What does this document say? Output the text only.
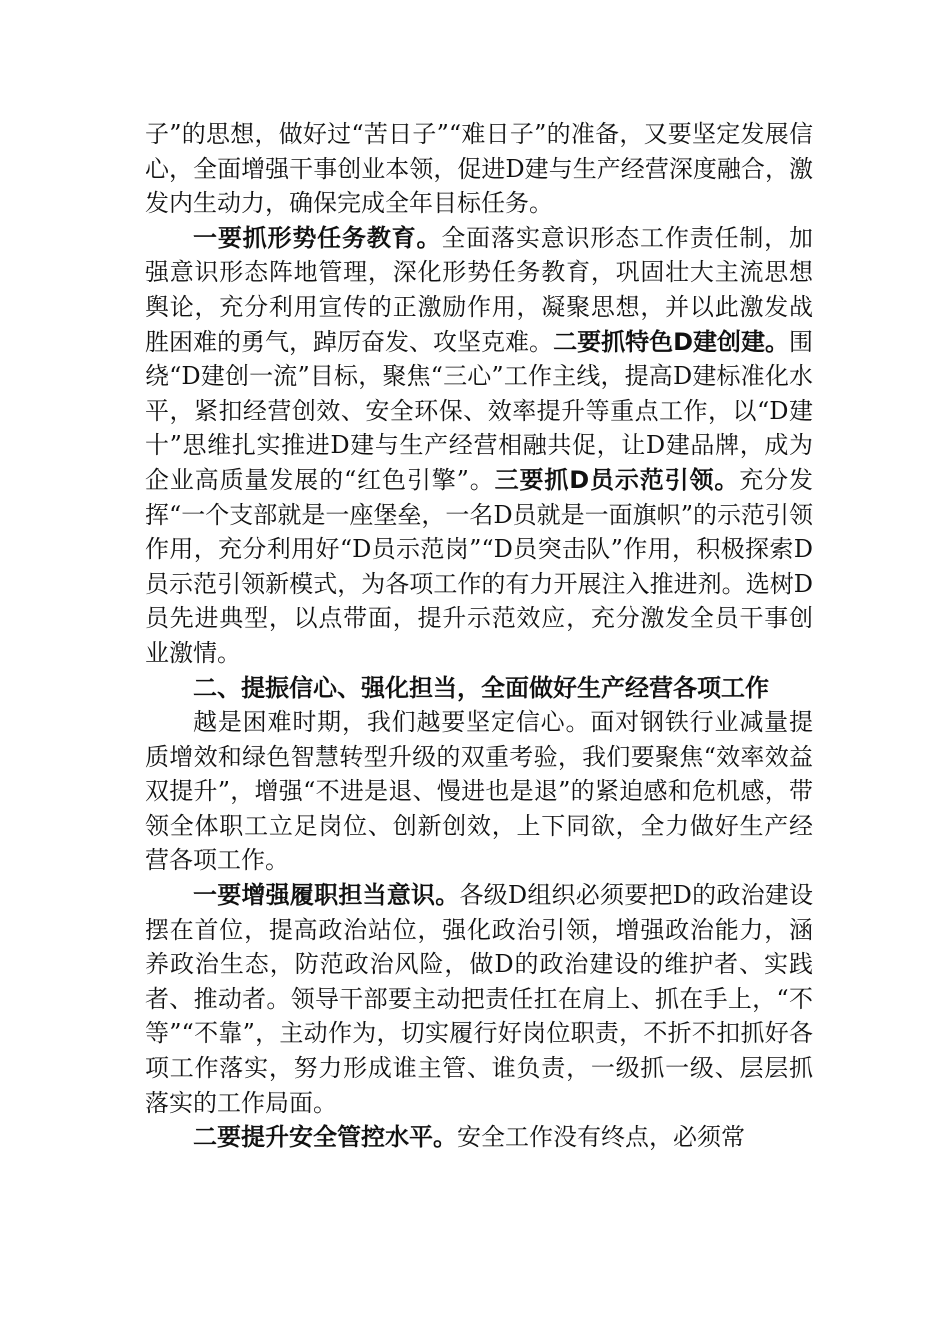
子”的思想，做好过“苦日子”“难日子”的准备，又要坚定发展信心，全面增强干事创业本领，促进D建与生产经营深度融合，激发内生动力，确保完成全年目标任务。

一要抓形势任务教育。全面落实意识形态工作责任制，加强意识形态阵地管理，深化形势任务教育，巩固壮大主流思想舆论，充分利用宣传的正激励作用，凝聚思想，并以此激发战胜困难的勇气，踔厉奋发、攻坚克难。二要抓特色D建创建。围绕“D建创一流”目标，聚焦“三心”工作主线，提高D建标准化水平，紧扣经营创效、安全环保、效率提升等重点工作，以“D建十”思维扎实推进D建与生产经营相融共促，让D建品牌，成为企业高质量发展的“红色引擎”。三要抓D员示范引领。充分发挥“一个支部就是一座堡垒，一名D员就是一面旗帜”的示范引领作用，充分利用好“D员示范岗”“D员突击队”作用，积极探索D员示范引领新模式，为各项工作的有力开展注入推进剂。选树D员先进典型，以点带面，提升示范效应，充分激发全员干事创业激情。

二、提振信心、强化担当，全面做好生产经营各项工作

越是困难时期，我们越要坚定信心。面对钢铁行业减量提质增效和绿色智慧转型升级的双重考验，我们要聚焦“效率效益双提升”，增强“不进是退、慢进也是退”的紧迫感和危机感，带领全体职工立足岗位、创新创效，上下同欲，全力做好生产经营各项工作。

一要增强履职担当意识。各级D组织必须要把D的政治建设摆在首位，提高政治站位，强化政治引领，增强政治能力，涵养政治生态，防范政治风险，做D的政治建设的维护者、实践者、推动者。领导干部要主动把责任扛在肩上、抓在手上，“不等”“不靠”，主动作为，切实履行好岗位职责，不折不扣抓好各项工作落实，努力形成谁主管、谁负责，一级抓一级、层层抓落实的工作局面。

二要提升安全管控水平。安全工作没有终点，必须常
